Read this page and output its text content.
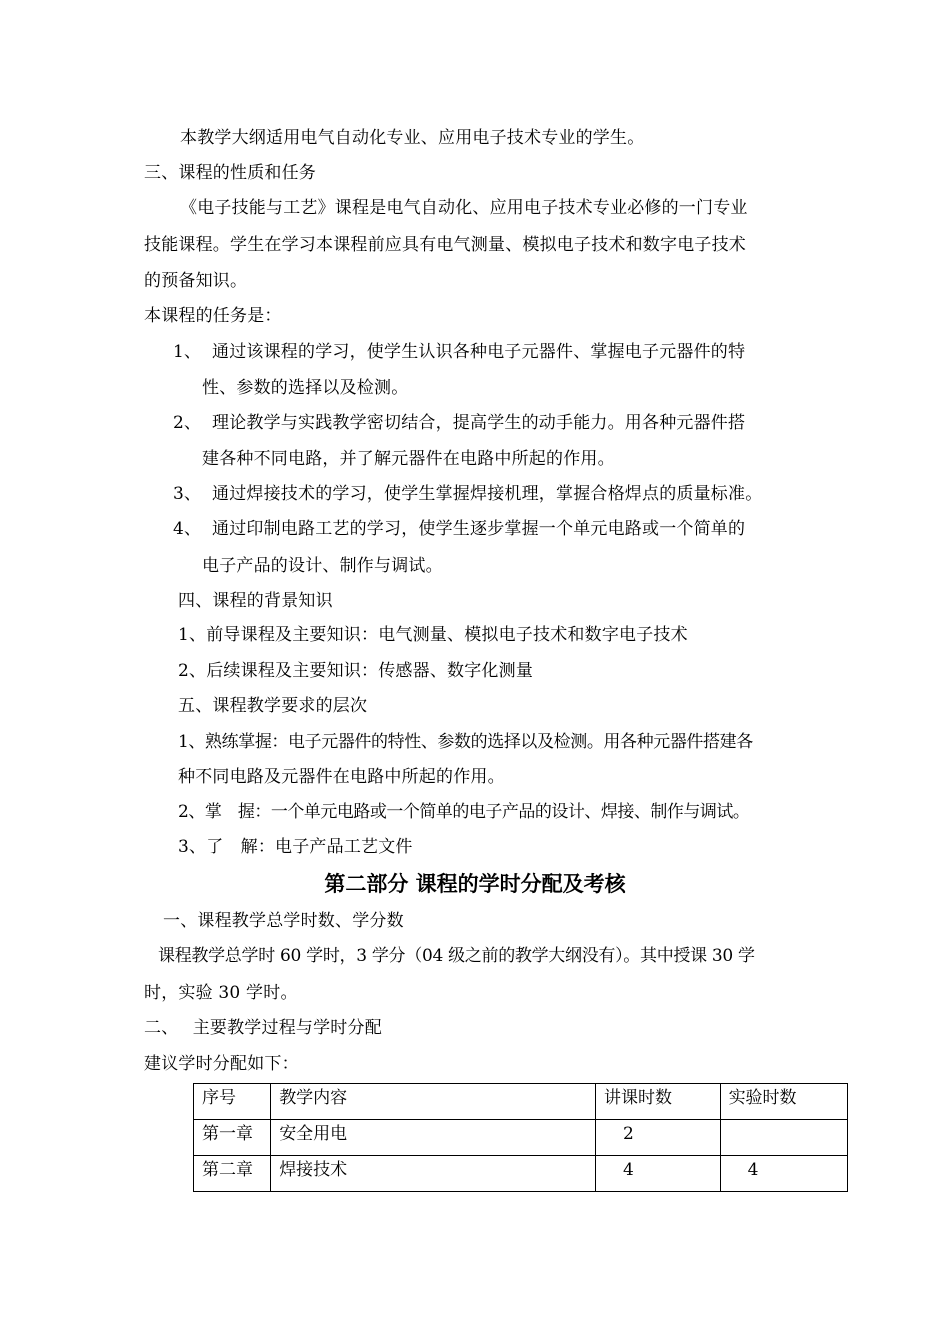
本教学大纲适用电气自动化专业、应用电子技术专业的学生。
三、课程的性质和任务
《电子技能与工艺》课程是电气自动化、应用电子技术专业必修的一门专业
技能课程。学生在学习本课程前应具有电气测量、模拟电子技术和数字电子技术
的预备知识。
本课程的任务是：
1、 通过该课程的学习，使学生认识各种电子元器件、掌握电子元器件的特
性、参数的选择以及检测。
2、 理论教学与实践教学密切结合，提高学生的动手能力。用各种元器件搭
建各种不同电路，并了解元器件在电路中所起的作用。
3、 通过焊接技术的学习，使学生掌握焊接机理，掌握合格焊点的质量标准。
4、 通过印制电路工艺的学习，使学生逐步掌握一个单元电路或一个简单的
电子产品的设计、制作与调试。
四、课程的背景知识
1、前导课程及主要知识：电气测量、模拟电子技术和数字电子技术
2、后续课程及主要知识：传感器、数字化测量
五、课程教学要求的层次
1、熟练掌握：电子元器件的特性、参数的选择以及检测。用各种元器件搭建各
种不同电路及元器件在电路中所起的作用。
2、掌　握：一个单元电路或一个简单的电子产品的设计、焊接、制作与调试。
3、了　解：电子产品工艺文件
第二部分 课程的学时分配及考核
一、课程教学总学时数、学分数
课程教学总学时 60 学时，3 学分（04 级之前的教学大纲没有）。其中授课 30 学
时，实验 30 学时。
二、　 主要教学过程与学时分配
建议学时分配如下：
序号	教学内容	讲课时数	实验时数
第一章	安全用电	2	
第二章	焊接技术	4	4
